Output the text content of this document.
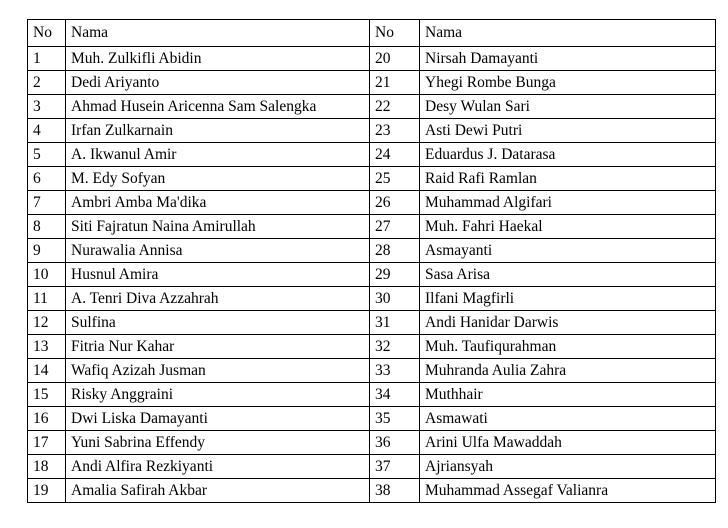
No	Nama	No	Nama
1	Muh. Zulkifli Abidin	20	Nirsah Damayanti
2	Dedi Ariyanto	21	Yhegi Rombe Bunga
3	Ahmad Husein Aricenna Sam Salengka	22	Desy Wulan Sari
4	Irfan Zulkarnain	23	Asti Dewi Putri
5	A. Ikwanul Amir	24	Eduardus J. Datarasa
6	M. Edy Sofyan	25	Raid Rafi Ramlan
7	Ambri Amba Ma'dika	26	Muhammad Algifari
8	Siti Fajratun Naina Amirullah	27	Muh. Fahri Haekal
9	Nurawalia Annisa	28	Asmayanti
10	Husnul Amira	29	Sasa Arisa
11	A. Tenri Diva Azzahrah	30	Ilfani Magfirli
12	Sulfina	31	Andi Hanidar Darwis
13	Fitria Nur Kahar	32	Muh. Taufiqurahman
14	Wafiq Azizah Jusman	33	Muhranda Aulia Zahra
15	Risky Anggraini	34	Muthhair
16	Dwi Liska Damayanti	35	Asmawati
17	Yuni Sabrina Effendy	36	Arini Ulfa Mawaddah
18	Andi Alfira Rezkiyanti	37	Ajriansyah
19	Amalia Safirah Akbar	38	Muhammad Assegaf Valianra
